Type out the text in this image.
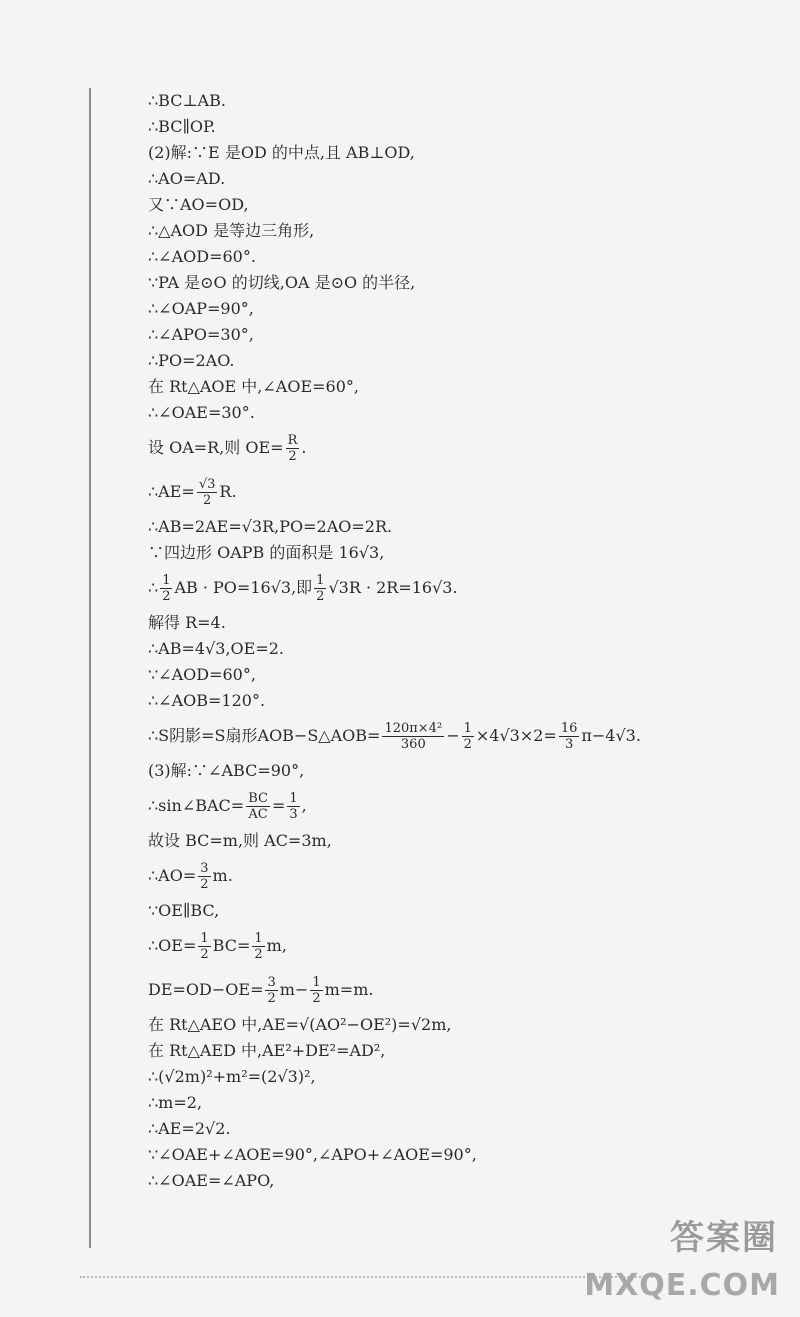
∴BC⊥AB.
∴BC∥OP.
(2)解:∵E 是OD 的中点,且 AB⊥OD,
∴AO=AD.
又∵AO=OD,
∴△AOD 是等边三角形,
∴∠AOD=60°.
∵PA 是⊙O 的切线,OA 是⊙O 的半径,
∴∠OAP=90°,
∴∠APO=30°,
∴PO=2AO.
在 Rt△AOE 中,∠AOE=60°,
∴∠OAE=30°.
设 OA=R,则 $OE= \frac{R}{2}$ .
∴AE= $\frac{√3}{2} R$.
∴AB=2AE=√3R,PO=2AO=2R.
∵四边形 OAPB 的面积是 16√3,
∴ $\frac{1}{2}$ AB · PO=16√3,即 $\frac{1}{2} √3R \cdot 2R=16√3$.
解得 R=4.
∴AB=4√3,OE=2.
∵∠AOD=60°,
∴∠AOB=120°.
∴S阴影=S扇形AOB−S△AOB= $\frac{\text{120π×4²}}{360} - \frac{1}{2} \times 4√3\times 2= \frac{16}{3} \pi-4√3$.
(3)解:∵∠ABC=90°,
∴sin∠BAC= $\frac{BC}{AC} = \frac{1}{3}$ ,
故设 BC=m,则 AC=3m,
∴AO= $\frac{3}{2} m$.
∵OE∥BC,
∴OE= $\frac{1}{2} BC= \frac{1}{2} m$,
$DE=OD-OE= \frac{3}{2} m- \frac{1}{2} m=m$.
在 Rt△AEO 中,AE=√(AO²−OE²)=√2m,
在 Rt△AED 中,AE²+DE²=AD²,
∴(√2m)²+m²=(2√3)²,
∴m=2,
∴AE=2√2.
∵∠OAE+∠AOE=90°,∠APO+∠AOE=90°,
∴∠OAE=∠APO,
答案圈
MXQE.COM
